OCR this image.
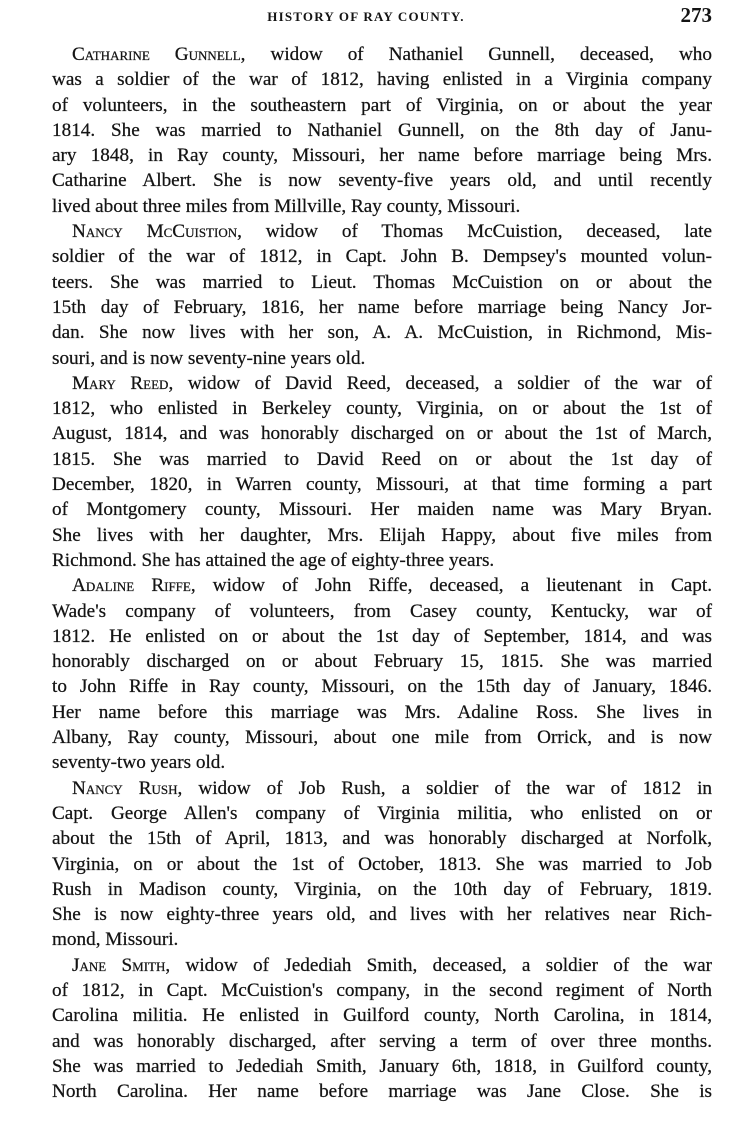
HISTORY OF RAY COUNTY.	273
Catharine Gunnell, widow of Nathaniel Gunnell, deceased, who
was a soldier of the war of 1812, having enlisted in a Virginia company
of volunteers, in the southeastern part of Virginia, on or about the year
1814. She was married to Nathaniel Gunnell, on the 8th day of Janu-
ary 1848, in Ray county, Missouri, her name before marriage being Mrs.
Catharine Albert. She is now seventy-five years old, and until recently
lived about three miles from Millville, Ray county, Missouri.
Nancy McCuistion, widow of Thomas McCuistion, deceased, late
soldier of the war of 1812, in Capt. John B. Dempsey's mounted volun-
teers. She was married to Lieut. Thomas McCuistion on or about the
15th day of February, 1816, her name before marriage being Nancy Jor-
dan. She now lives with her son, A. A. McCuistion, in Richmond, Mis-
souri, and is now seventy-nine years old.
Mary Reed, widow of David Reed, deceased, a soldier of the war of
1812, who enlisted in Berkeley county, Virginia, on or about the 1st of
August, 1814, and was honorably discharged on or about the 1st of March,
1815. She was married to David Reed on or about the 1st day of
December, 1820, in Warren county, Missouri, at that time forming a part
of Montgomery county, Missouri. Her maiden name was Mary Bryan.
She lives with her daughter, Mrs. Elijah Happy, about five miles from
Richmond. She has attained the age of eighty-three years.
Adaline Riffe, widow of John Riffe, deceased, a lieutenant in Capt.
Wade's company of volunteers, from Casey county, Kentucky, war of
1812. He enlisted on or about the 1st day of September, 1814, and was
honorably discharged on or about February 15, 1815. She was married
to John Riffe in Ray county, Missouri, on the 15th day of January, 1846.
Her name before this marriage was Mrs. Adaline Ross. She lives in
Albany, Ray county, Missouri, about one mile from Orrick, and is now
seventy-two years old.
Nancy Rush, widow of Job Rush, a soldier of the war of 1812 in
Capt. George Allen's company of Virginia militia, who enlisted on or
about the 15th of April, 1813, and was honorably discharged at Norfolk,
Virginia, on or about the 1st of October, 1813. She was married to Job
Rush in Madison county, Virginia, on the 10th day of February, 1819.
She is now eighty-three years old, and lives with her relatives near Rich-
mond, Missouri.
Jane Smith, widow of Jedediah Smith, deceased, a soldier of the war
of 1812, in Capt. McCuistion's company, in the second regiment of North
Carolina militia. He enlisted in Guilford county, North Carolina, in 1814,
and was honorably discharged, after serving a term of over three months.
She was married to Jedediah Smith, January 6th, 1818, in Guilford county,
North Carolina. Her name before marriage was Jane Close. She is
